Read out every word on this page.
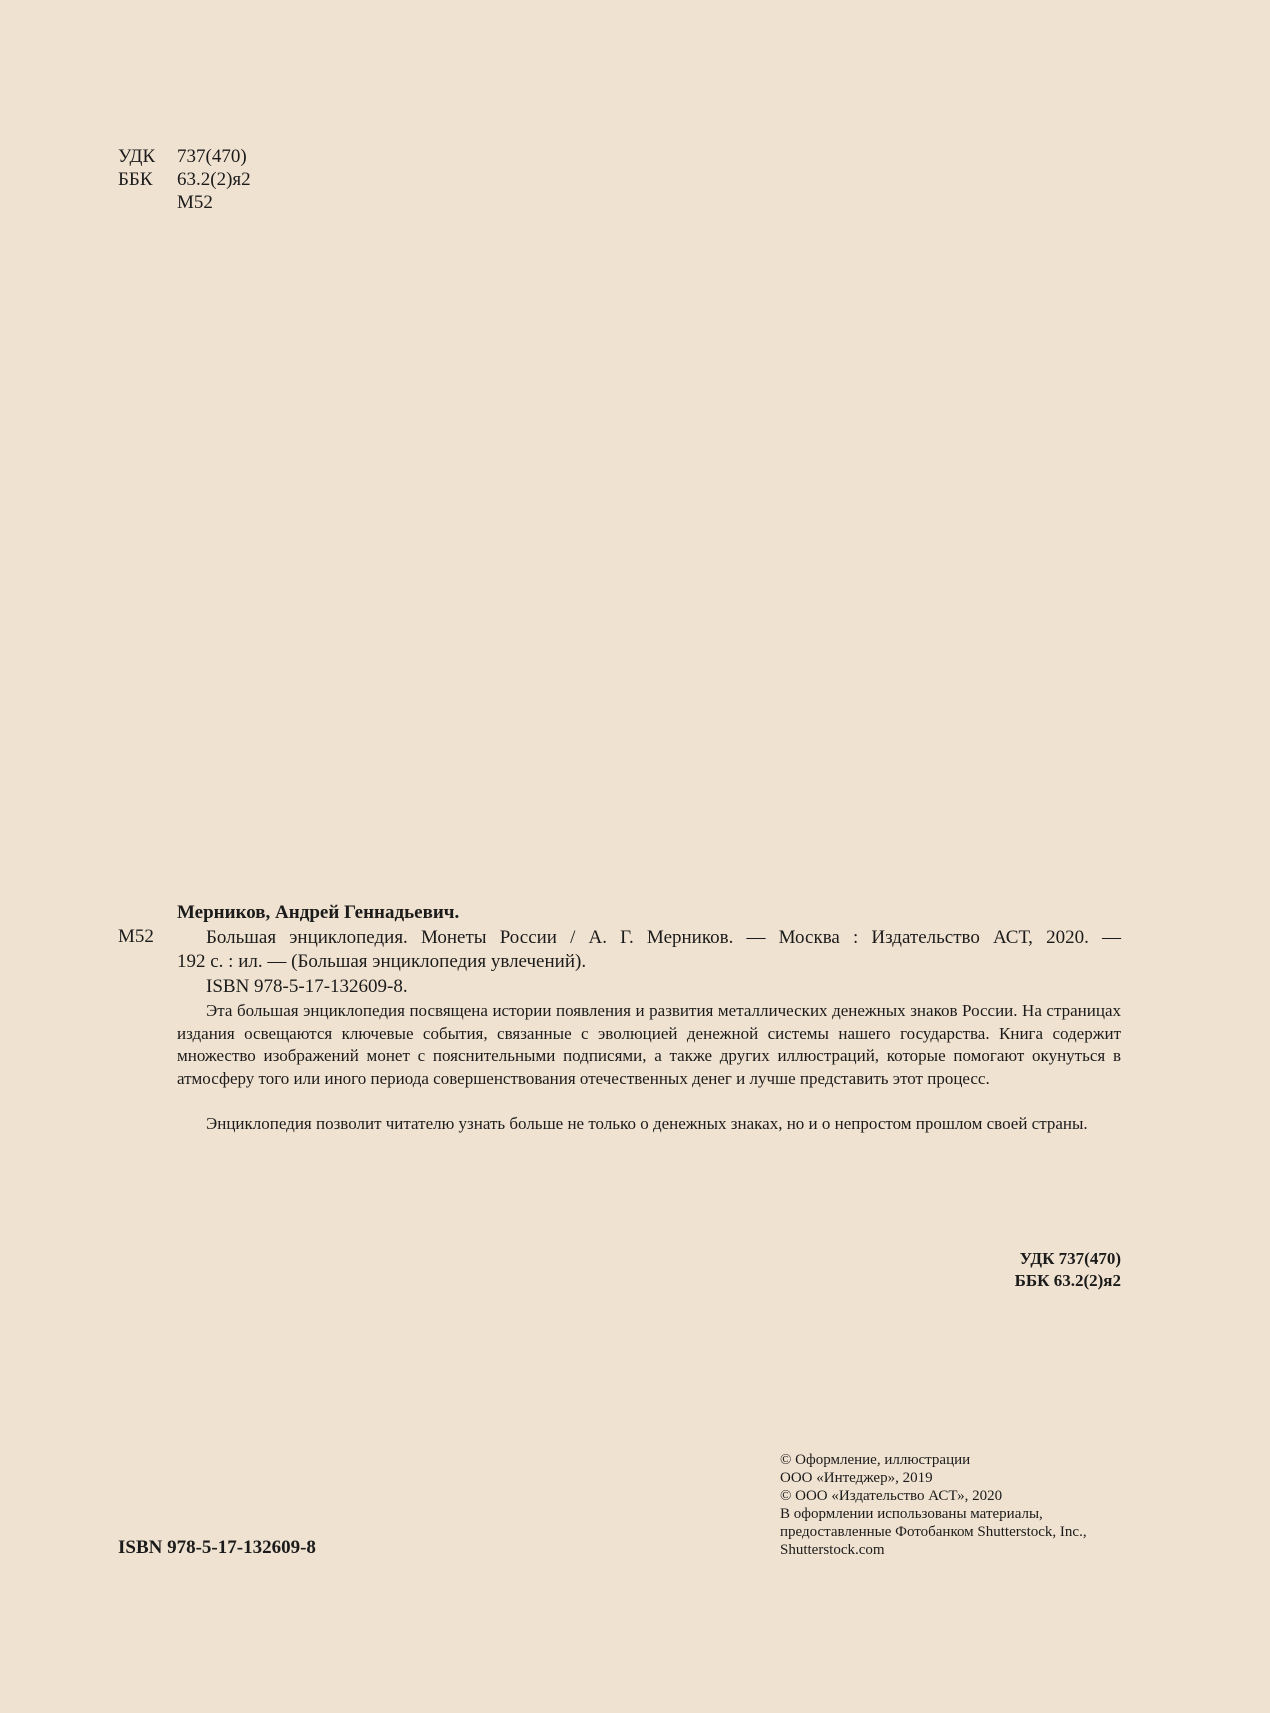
УДК 737(470)
ББК 63.2(2)я2
М52
Мерников, Андрей Геннадьевич.
М52	Большая энциклопедия. Монеты России / А. Г. Мерников. — Москва : Издательство АСТ, 2020. —
192 с. : ил. — (Большая энциклопедия увлечений).
ISBN 978-5-17-132609-8.

Эта большая энциклопедия посвящена истории появления и развития металлических денежных знаков России. На страницах издания освещаются ключевые события, связанные с эволюцией денежной системы нашего государства. Книга содержит множество изображений монет с пояснительными подписями, а также других иллюстраций, которые помогают окунуться в атмосферу того или иного периода совершенствования отечественных денег и лучше представить этот процесс.

Энциклопедия позволит читателю узнать больше не только о денежных знаках, но и о непростом прошлом своей страны.

УДК 737(470)
ББК 63.2(2)я2
ISBN 978-5-17-132609-8
© Оформление, иллюстрации
ООО «Интеджер», 2019
© ООО «Издательство АСТ», 2020
В оформлении использованы материалы,
предоставленные Фотобанком Shutterstock, Inc.,
Shutterstock.com
